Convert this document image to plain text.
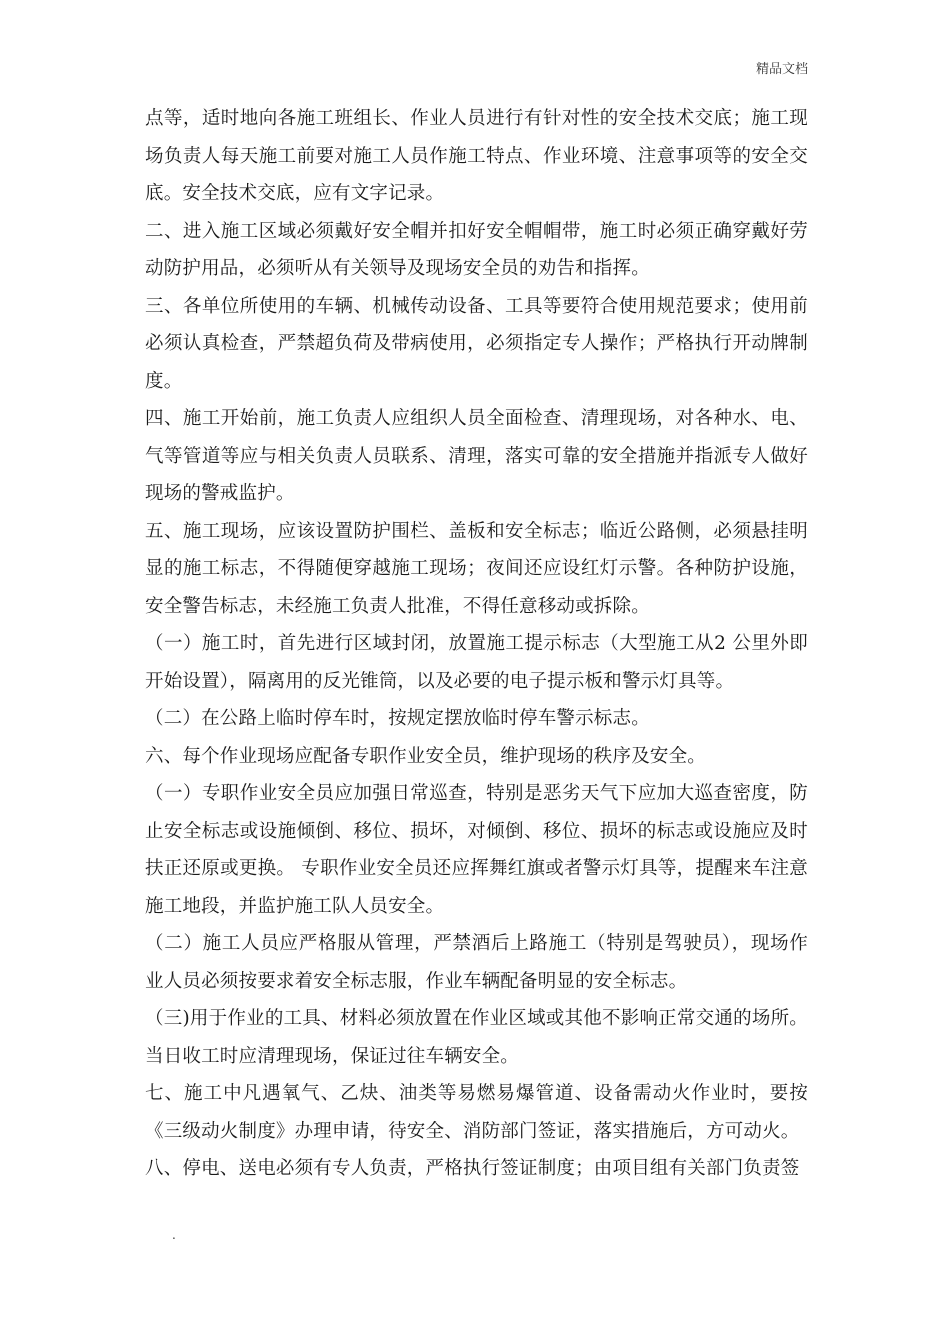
精品文档

点等，适时地向各施工班组长、作业人员进行有针对性的安全技术交底；施工现场负责人每天施工前要对施工人员作施工特点、作业环境、注意事项等的安全交底。安全技术交底，应有文字记录。

二、进入施工区域必须戴好安全帽并扣好安全帽帽带，施工时必须正确穿戴好劳动防护用品，必须听从有关领导及现场安全员的劝告和指挥。

三、各单位所使用的车辆、机械传动设备、工具等要符合使用规范要求；使用前必须认真检查，严禁超负荷及带病使用，必须指定专人操作；严格执行开动牌制度。

四、施工开始前，施工负责人应组织人员全面检查、清理现场，对各种水、电、气等管道等应与相关负责人员联系、清理，落实可靠的安全措施并指派专人做好现场的警戒监护。

五、施工现场，应该设置防护围栏、盖板和安全标志；临近公路侧，必须悬挂明显的施工标志，不得随便穿越施工现场；夜间还应设红灯示警。各种防护设施，安全警告标志，未经施工负责人批准，不得任意移动或拆除。

（一）施工时，首先进行区域封闭，放置施工提示标志（大型施工从2 公里外即开始设置），隔离用的反光锥筒，以及必要的电子提示板和警示灯具等。

（二）在公路上临时停车时，按规定摆放临时停车警示标志。

六、每个作业现场应配备专职作业安全员，维护现场的秩序及安全。

（一）专职作业安全员应加强日常巡查，特别是恶劣天气下应加大巡查密度，防止安全标志或设施倾倒、移位、损坏，对倾倒、移位、损坏的标志或设施应及时扶正还原或更换。 专职作业安全员还应挥舞红旗或者警示灯具等，提醒来车注意施工地段，并监护施工队人员安全。

（二）施工人员应严格服从管理，严禁酒后上路施工（特别是驾驶员），现场作业人员必须按要求着安全标志服，作业车辆配备明显的安全标志。

（三)用于作业的工具、材料必须放置在作业区域或其他不影响正常交通的场所。当日收工时应清理现场，保证过往车辆安全。

七、施工中凡遇氧气、乙炔、油类等易燃易爆管道、设备需动火作业时，要按《三级动火制度》办理申请，待安全、消防部门签证，落实措施后，方可动火。

八、停电、送电必须有专人负责，严格执行签证制度；由项目组有关部门负责签

.
